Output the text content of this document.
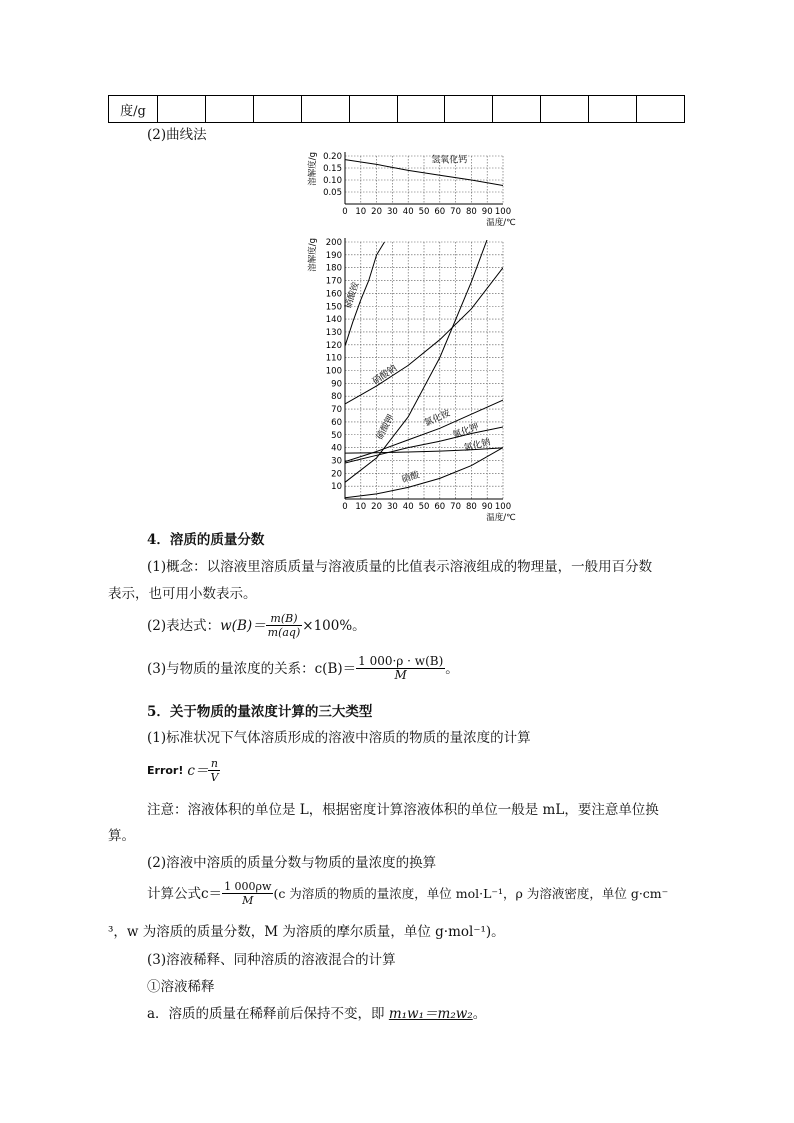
度/g											
(2)曲线法
0 10 20 30 40 50 60 70 80 90 100
0.20
0.15
0.10
0.05
温度/℃
溶解度/g	氢氧化钙
0 10 20 30 40 50 60 70 80 90 100
200
190
180
170
160
150
140
130
120
110
100
90
80
70
60
50
40
30
20
10
温度/℃
溶解度/g
硝酸铵
硝酸钠
硝酸钾	氯化铵
氯化钾
氯化钠
硝酸
4．溶质的质量分数
(1)概念：以溶液里溶质质量与溶液质量的比值表示溶液组成的物理量，一般用百分数
表示，也可用小数表示。
(2)表达式： $w(B)= \frac{m(B)}{m(aq)} \times 100\%$。
(3)与物质的量浓度的关系：$c(B)= \frac{1 000\cdot\rho \cdot w(B)}{M}$ 。
5．关于物质的量浓度计算的三大类型
(1)标准状况下气体溶质形成的溶液中溶质的物质的量浓度的计算
Error! $c= \frac{n}{V}$
注意：溶液体积的单位是 L，根据密度计算溶液体积的单位一般是 mL，要注意单位换
算。
(2)溶液中溶质的质量分数与物质的量浓度的换算
计算公式$c= \frac{1 000\rho w}{M} (c$ 为溶质的物质的量浓度，单位 mol·L⁻¹，ρ 为溶液密度，单位 g·cm⁻
³，w 为溶质的质量分数，M 为溶质的摩尔质量，单位 g·mol⁻¹)。
(3)溶液稀释、同种溶质的溶液混合的计算
①溶液稀释
a．溶质的质量在稀释前后保持不变，即 m₁w₁＝m₂w₂。
